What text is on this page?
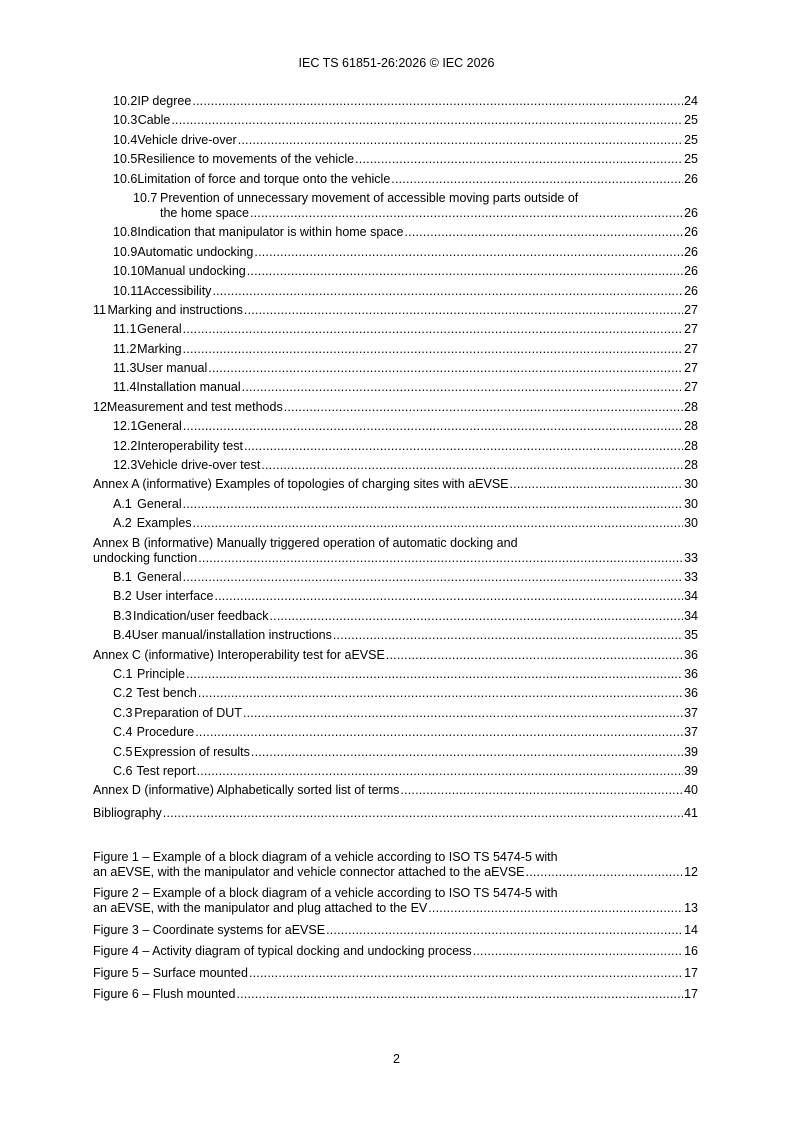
IEC TS 61851-26:2026 © IEC 2026
10.2 IP degree .....	24
10.3 Cable .....	25
10.4 Vehicle drive-over .....	25
10.5 Resilience to movements of the vehicle .....	25
10.6 Limitation of force and torque onto the vehicle .....	26
10.7 Prevention of unnecessary movement of accessible moving parts outside of
the home space .....	26
10.8 Indication that manipulator is within home space .....	26
10.9 Automatic undocking .....	26
10.10 Manual undocking .....	26
10.11 Accessibility .....	26
11 Marking and instructions .....	27
11.1 General .....	27
11.2 Marking .....	27
11.3 User manual .....	27
11.4 Installation manual .....	27
12 Measurement and test methods .....	28
12.1 General .....	28
12.2 Interoperability test .....	28
12.3 Vehicle drive-over test .....	28
Annex A (informative) Examples of topologies of charging sites with aEVSE .....	30
A.1 General .....	30
A.2 Examples .....	30
Annex B (informative) Manually triggered operation of automatic docking and
undocking function .....	33
B.1 General .....	33
B.2 User interface .....	34
B.3 Indication/user feedback .....	34
B.4 User manual/installation instructions .....	35
Annex C (informative) Interoperability test for aEVSE .....	36
C.1 Principle .....	36
C.2 Test bench .....	36
C.3 Preparation of DUT .....	37
C.4 Procedure .....	37
C.5 Expression of results .....	39
C.6 Test report .....	39
Annex D (informative) Alphabetically sorted list of terms .....	40
Bibliography .....	41
Figure 1 – Example of a block diagram of a vehicle according to ISO TS 5474-5 with
an aEVSE, with the manipulator and vehicle connector attached to the aEVSE .....	12
Figure 2 – Example of a block diagram of a vehicle according to ISO TS 5474-5 with
an aEVSE, with the manipulator and plug attached to the EV .....	13
Figure 3 – Coordinate systems for aEVSE .....	14
Figure 4 – Activity diagram of typical docking and undocking process .....	16
Figure 5 – Surface mounted .....	17
Figure 6 – Flush mounted .....	17
2
